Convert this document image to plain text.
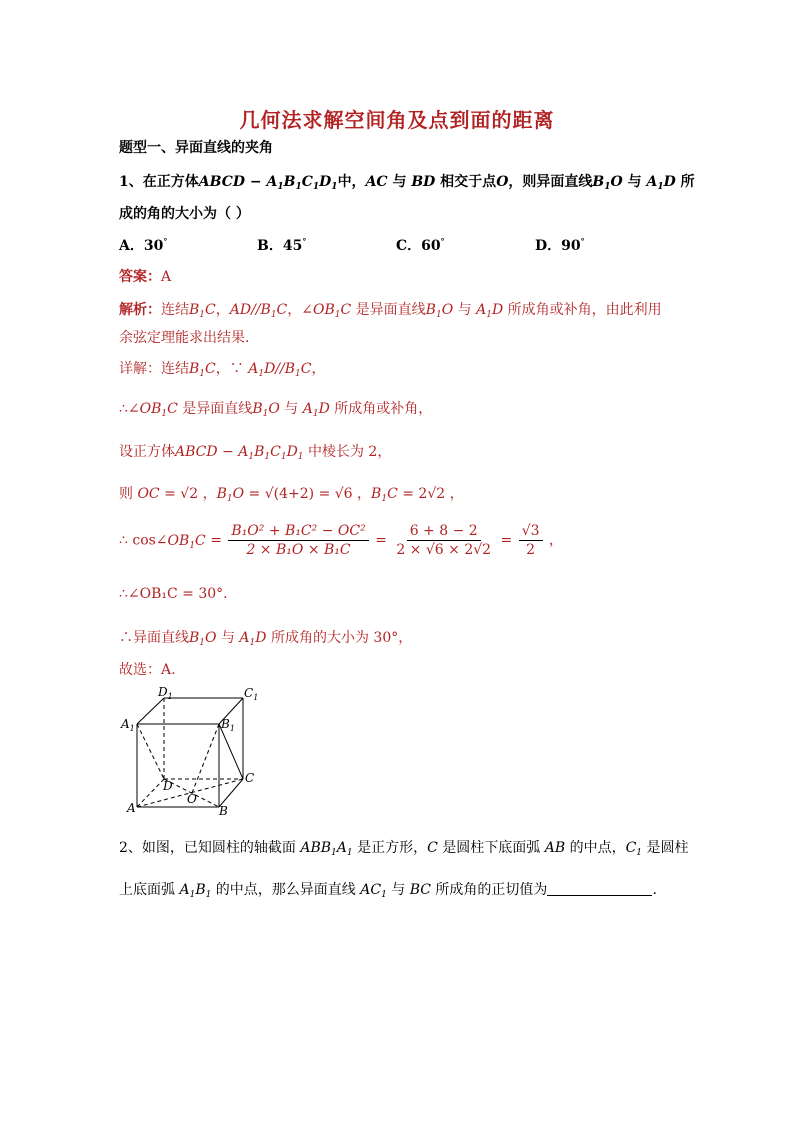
几何法求解空间角及点到面的距离
题型一、异面直线的夹角
1、在正方体ABCD − $A_1B_1C_1D_1$中，AC 与 BD 相交于点O，则异面直线$B_1O$ 与 $A_1D$ 所
成的角的大小为（ ）
A．30°	B．45°	C．60°	D．90°
答案：A
解析：连结$B_1C$，$AD//B_1C$，$\angle OB_1C$ 是异面直线$B_1O$ 与 $A_1D$ 所成角或补角，由此利用
余弦定理能求出结果.
详解：连结$B_1C$，∵ $A_1D//B_1C$，
$\therefore\angle OB_1C$ 是异面直线$B_1O$ 与 $A_1D$ 所成角或补角，
设正方体ABCD − $A_1B_1C_1D_1$ 中棱长为 2，
则 OC = √2 ，$B_1O = √(4+2) = √6$ ，$B_1C = 2√2$ ，
∴ $\cos\angle OB_1C = \frac{\text{B₁O² + B₁C² − OC²}}{\text{2 × B₁O × B₁C}} = \frac{6 + 8 - 2}{2 \times √6 \times 2√2} = \frac{√3}{2}$ ，
∴∠OB₁C = 30°.
∴异面直线$B_1O$ 与 $A_1D$ 所成角的大小为 30°，
故选：A.
$D_1$	$C_1$
$A_1$	$B_1$
D
C
A	B
O
2、如图，已知圆柱的轴截面 $ABB_1A_1$ 是正方形，C 是圆柱下底面弧 AB 的中点，$C_1$ 是圆柱
上底面弧 $A_1B_1$ 的中点，那么异面直线 $AC_1$ 与 BC 所成角的正切值为	.
